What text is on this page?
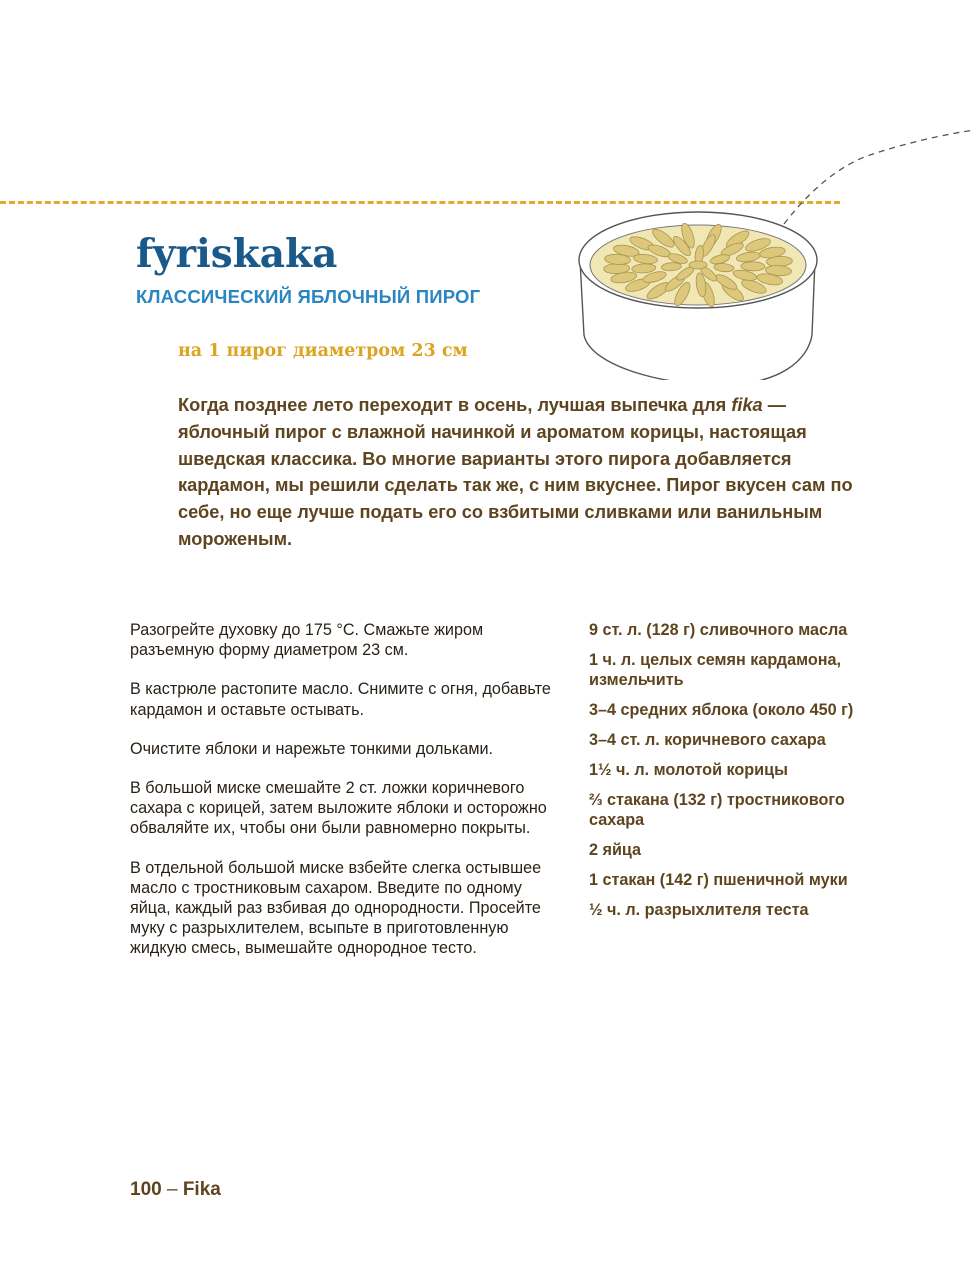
fyriskaka
КЛАССИЧЕСКИЙ ЯБЛОЧНЫЙ ПИРОГ

на 1 пирог диаметром 23 см

Когда позднее лето переходит в осень, лучшая выпечка для fika — яблочный пирог с влажной начинкой и ароматом корицы, настоящая шведская классика. Во многие варианты этого пирога добавляется кардамон, мы решили сделать так же, с ним вкуснее. Пирог вкусен сам по себе, но еще лучше подать его со взбитыми сливками или ванильным мороженым.

Разогрейте духовку до 175 °С. Смажьте жиром разъемную форму диаметром 23 см.

В кастрюле растопите масло. Снимите с огня, добавьте кардамон и оставьте остывать.

Очистите яблоки и нарежьте тонкими дольками.

В большой миске смешайте 2 ст. ложки коричневого сахара с корицей, затем выложите яблоки и осторожно обваляйте их, чтобы они были равномерно покрыты.

В отдельной большой миске взбейте слегка остывшее масло с тростниковым сахаром. Введите по одному яйца, каждый раз взбивая до однородности. Просейте муку с разрыхлителем, всыпьте в приготовленную жидкую смесь, вымешайте однородное тесто.

9 ст. л. (128 г) сливочного масла
1 ч. л. целых семян кардамона, измельчить
3–4 средних яблока (около 450 г)
3–4 ст. л. коричневого сахара
1½ ч. л. молотой корицы
⅔ стакана (132 г) тростникового сахара
2 яйца
1 стакан (142 г) пшеничной муки
½ ч. л. разрыхлителя теста

100 – Fika
